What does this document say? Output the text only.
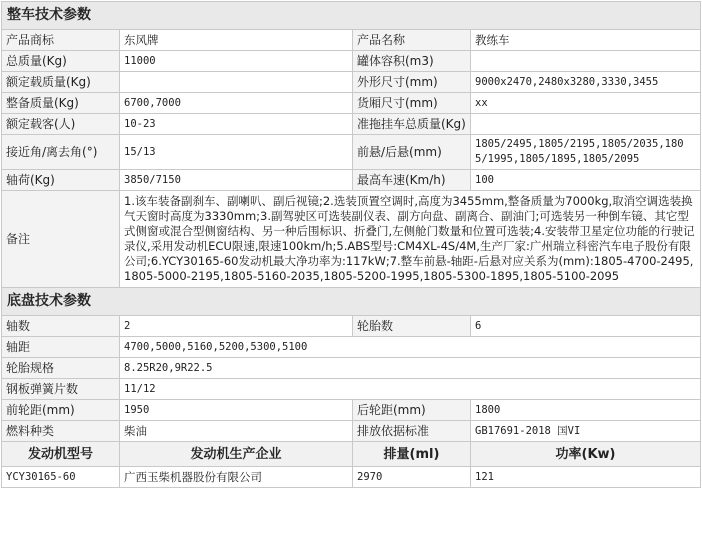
整车技术参数			
产品商标	东风牌	产品名称	教练车
总质量(Kg)	11000	罐体容积(m3)	
额定载质量(Kg)		外形尺寸(mm)	9000x2470,2480x3280,3330,3455
整备质量(Kg)	6700,7000	货厢尺寸(mm)	xx
额定载客(人)	10-23	准拖挂车总质量(Kg)	
接近角/离去角(°)	15/13	前悬/后悬(mm)	1805/2495,1805/2195,1805/2035,1805/1995,1805/1895,1805/2095
轴荷(Kg)	3850/7150	最高车速(Km/h)	100
备注	1.该车装备副刹车、副喇叭、副后视镜;2.选装顶置空调时,高度为3455mm,整备质量为7000kg,取消空调选装换气天窗时高度为3330mm;3.副驾驶区可选装副仪表、副方向盘、副离合、副油门;可选装另一种倒车镜、其它型式侧窗或混合型侧窗结构、另一种后围标识、折叠门,左侧舱门数量和位置可选装;4.安装带卫星定位功能的行驶记录仪,采用发动机ECU限速,限速100km/h;5.ABS型号:CM4XL-4S/4M,生产厂家:广州瑞立科密汽车电子股份有限公司;6.YCY30165-60发动机最大净功率为:117kW;7.整车前悬-轴距-后悬对应关系为(mm):1805-4700-2495,1805-5000-2195,1805-5160-2035,1805-5200-1995,1805-5300-1895,1805-5100-2095		
底盘技术参数			
轴数	2	轮胎数	6
轴距	4700,5000,5160,5200,5300,5100		
轮胎规格	8.25R20,9R22.5		
钢板弹簧片数	11/12		
前轮距(mm)	1950	后轮距(mm)	1800
燃料种类	柴油	排放依据标准	GB17691-2018 国VI
发动机型号	发动机生产企业	排量(ml)	功率(Kw)
YCY30165-60	广西玉柴机器股份有限公司	2970	121
